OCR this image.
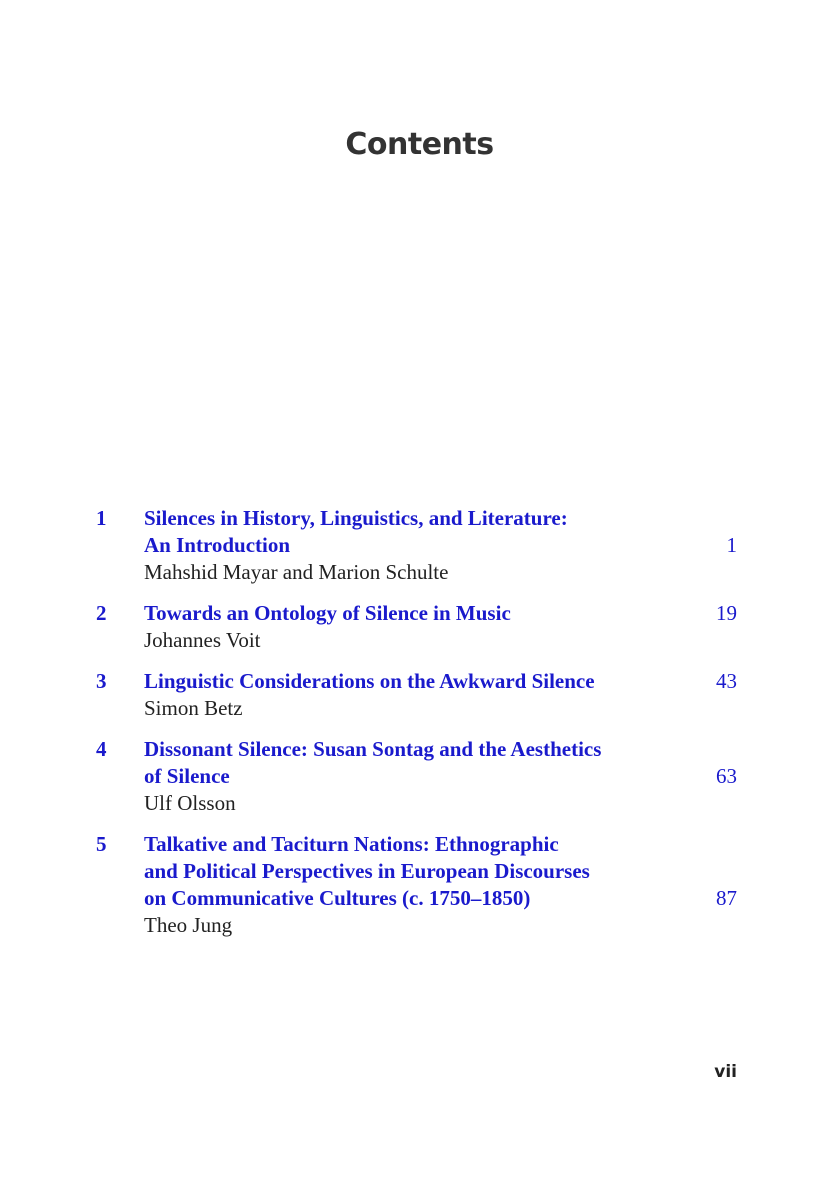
Contents
1
1
Silences in History, Linguistics, and Literature:
An Introduction
Mahshid Mayar and Marion Schulte
2	19
Towards an Ontology of Silence in Music
Johannes Voit
3	43
Linguistic Considerations on the Awkward Silence
Simon Betz
4
63
Dissonant Silence: Susan Sontag and the Aesthetics
of Silence
Ulf Olsson
5
87
Talkative and Taciturn Nations: Ethnographic
and Political Perspectives in European Discourses
on Communicative Cultures (c. 1750–1850)
Theo Jung
vii
